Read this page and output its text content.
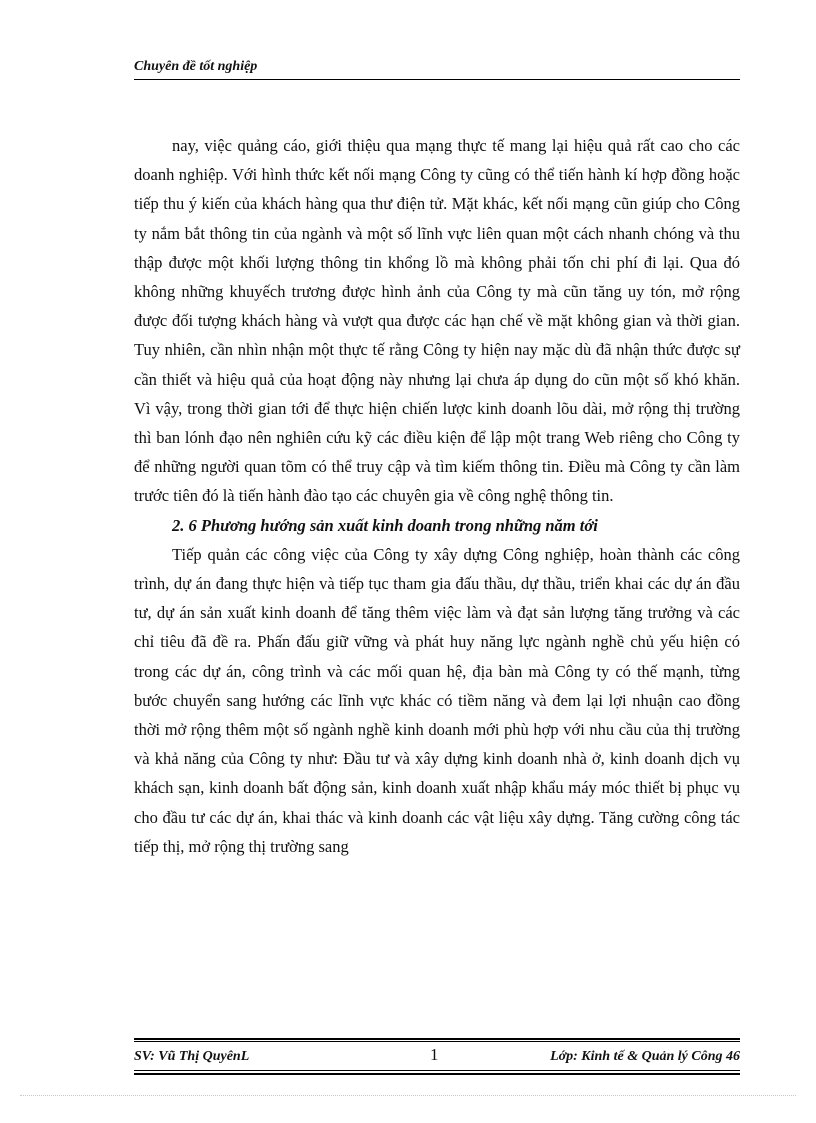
Chuyên đề tốt nghiệp

nay, việc quảng cáo, giới thiệu qua mạng thực tế mang lại hiệu quả rất cao cho các doanh nghiệp. Với hình thức kết nối mạng Công ty cũng có thể tiến hành kí hợp đồng hoặc tiếp thu ý kiến của khách hàng qua thư điện tử. Mặt khác, kết nối mạng cũn giúp cho Công ty nắm bắt thông tin của ngành và một số lĩnh vực liên quan một cách nhanh chóng và thu thập được một khối lượng thông tin khổng lồ mà không phải tốn chi phí đi lại. Qua đó không những khuyếch trương được hình ảnh của Công ty mà cũn tăng uy tón, mở rộng được đối tượng khách hàng và vượt qua được các hạn chế về mặt không gian và thời gian. Tuy nhiên, cần nhìn nhận một thực tế rằng Công ty hiện nay mặc dù đã nhận thức được sự cần thiết và hiệu quả của hoạt động này nhưng lại chưa áp dụng do cũn một số khó khăn. Vì vậy, trong thời gian tới để thực hiện chiến lược kinh doanh lõu dài, mở rộng thị trường thì ban lónh đạo nên nghiên cứu kỹ các điều kiện để lập một trang Web riêng cho Công ty để những người quan tõm có thể truy cập và tìm kiếm thông tin. Điều mà Công ty cần làm trước tiên đó là tiến hành đào tạo các chuyên gia về công nghệ thông tin.

2. 6 Phương hướng sản xuất kinh doanh trong những năm tới

Tiếp quản các công việc của Công ty xây dựng Công nghiệp, hoàn thành các công trình, dự án đang thực hiện và tiếp tục tham gia đấu thầu, dự thầu, triển khai các dự án đầu tư, dự án sản xuất kinh doanh để tăng thêm việc làm và đạt sản lượng tăng trưởng và các chỉ tiêu đã đề ra. Phấn đấu giữ vững và phát huy năng lực ngành nghề chủ yếu hiện có trong các dự án, công trình và các mối quan hệ, địa bàn mà Công ty có thế mạnh, từng bước chuyển sang hướng các lĩnh vực khác có tiềm năng và đem lại lợi nhuận cao đồng thời mở rộng thêm một số ngành nghề kinh doanh mới phù hợp với nhu cầu của thị trường và khả năng của Công ty như: Đầu tư và xây dựng kinh doanh nhà ở, kinh doanh dịch vụ khách sạn, kinh doanh bất động sản, kinh doanh xuất nhập khẩu máy móc thiết bị phục vụ cho đầu tư các dự án, khai thác và kinh doanh các vật liệu xây dựng. Tăng cường công tác tiếp thị, mở rộng thị trường sang

SV: Vũ Thị QuyênL	1	Lớp: Kinh tế & Quản lý Công 46
